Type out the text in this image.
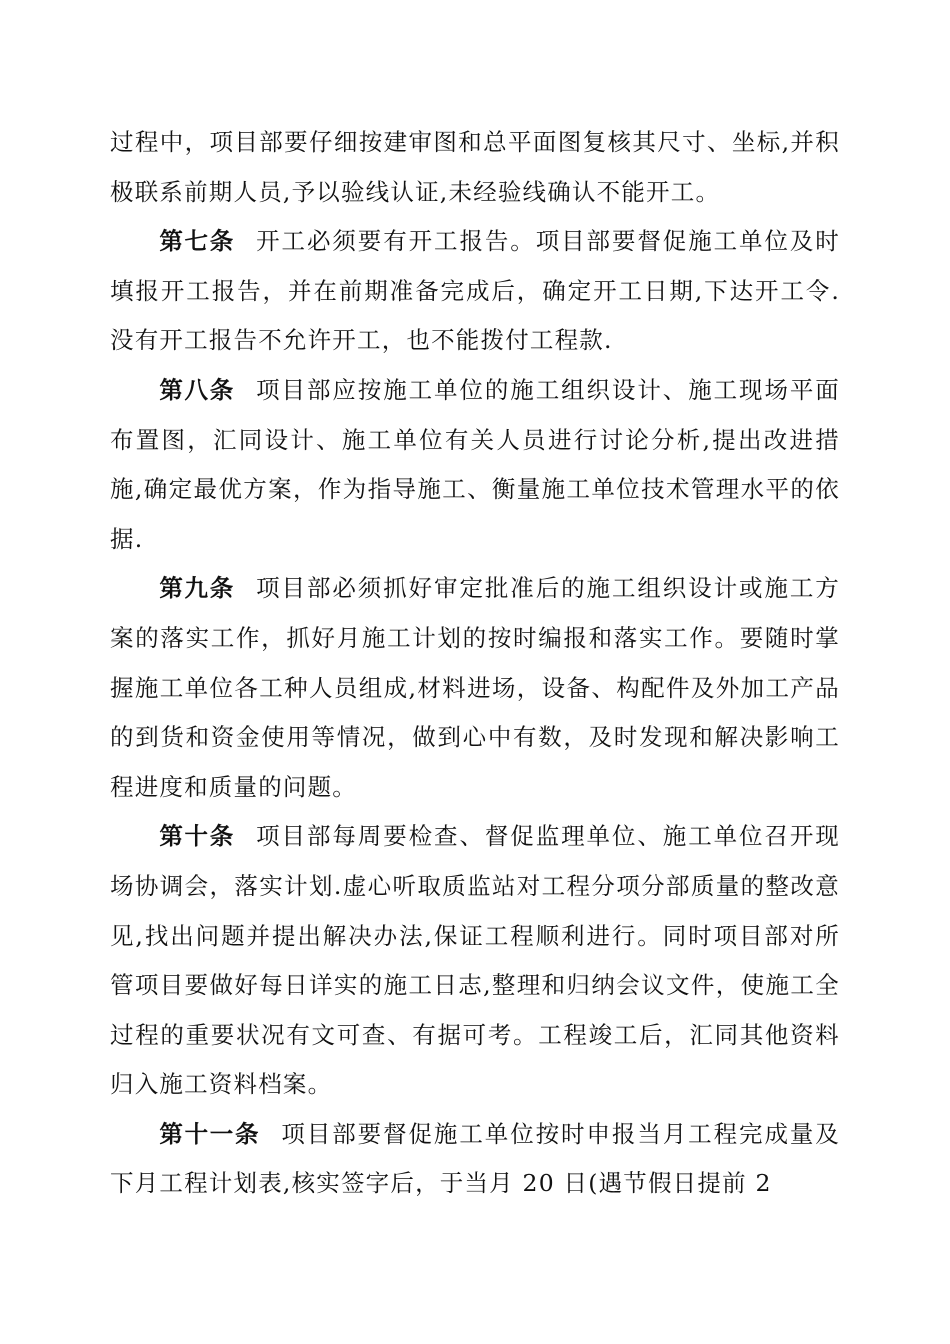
过程中，项目部要仔细按建审图和总平面图复核其尺寸、坐标,并积极联系前期人员,予以验线认证,未经验线确认不能开工。

第七条 开工必须要有开工报告。项目部要督促施工单位及时填报开工报告，并在前期准备完成后，确定开工日期,下达开工令.没有开工报告不允许开工，也不能拨付工程款.

第八条 项目部应按施工单位的施工组织设计、施工现场平面布置图，汇同设计、施工单位有关人员进行讨论分析,提出改进措施,确定最优方案，作为指导施工、衡量施工单位技术管理水平的依据.

第九条 项目部必须抓好审定批准后的施工组织设计或施工方案的落实工作，抓好月施工计划的按时编报和落实工作。要随时掌握施工单位各工种人员组成,材料进场，设备、构配件及外加工产品的到货和资金使用等情况，做到心中有数，及时发现和解决影响工程进度和质量的问题。

第十条 项目部每周要检查、督促监理单位、施工单位召开现场协调会，落实计划.虚心听取质监站对工程分项分部质量的整改意见,找出问题并提出解决办法,保证工程顺利进行。同时项目部对所管项目要做好每日详实的施工日志,整理和归纳会议文件，使施工全过程的重要状况有文可查、有据可考。工程竣工后，汇同其他资料归入施工资料档案。

第十一条 项目部要督促施工单位按时申报当月工程完成量及下月工程计划表,核实签字后，于当月 20 日(遇节假日提前 2
